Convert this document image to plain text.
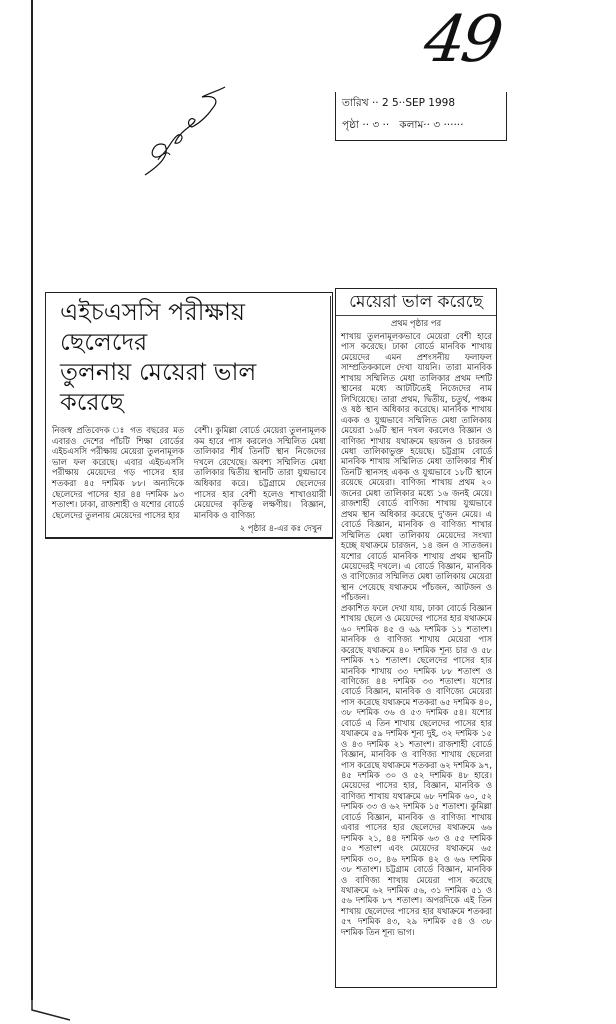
49
তারিখ ·· 2 5··SEP 1998
পৃষ্ঠা ·· ৩ ·· কলাম·· ৩ ······
এইচএসসি পরীক্ষায় ছেলেদের
তুলনায় মেয়েরা ভাল করেছে
নিজস্ব প্রতিবেদক ঃ গত বছরের মত এবারও দেশের পাঁচটি শিক্ষা বোর্ডের এইচএসসি পরীক্ষায় মেয়েরা তুলনামূলক ভাল ফল করেছে। এবার এইচএসসি পরীক্ষায় মেয়েদের গড় পাসের হার শতকরা ৪৫ দশমিক ৮৮। অন্যদিকে ছেলেদের পাসের হার ৪৪ দশমিক ৯৩ শতাংশ। ঢাকা, রাজশাহী ও যশোর বোর্ডে ছেলেদের তুলনায় মেয়েদের পাসের হার
বেশী। কুমিল্লা বোর্ডে মেয়েরা তুলনামূলক কম হারে পাস করলেও সম্মিলিত মেধা তালিকার শীর্ষ তিনটি স্থান নিজেদের দখলে রেখেছে। অবশ্য সম্মিলিত মেধা তালিকার দ্বিতীয় স্থানটি তারা যুগ্মভাবে অধিকার করে। চট্টগ্রামে ছেলেদের পাসের হার বেশী হলেও শাখাওয়ারী মেয়েদের কৃতিত্ব লক্ষণীয়। বিজ্ঞান, মানবিক ও বাণিজ্য
২ পৃষ্ঠার ৪-এর কঃ দেখুন
মেয়েরা ভাল করেছে
প্রথম পৃষ্ঠার পর

শাখায় তুলনামূলকভাবে মেয়েরা বেশী হারে পাস করেছে। ঢাকা বোর্ডে মানবিক শাখায় মেয়েদের এমন প্রশংসনীয় ফলাফল সাম্প্রতিককালে দেখা যায়নি। তারা মানবিক শাখায় সম্মিলিত মেধা তালিকার প্রথম দশটি স্থানের মধ্যে আটটিতেই নিজেদের নাম লিখিয়েছে। তারা প্রথম, দ্বিতীয়, চতুর্থ, পঞ্চম ও ষষ্ঠ স্থান অধিকার করেছে। মানবিক শাখায় একক ও যুগ্মভাবে সম্মিলিত মেধা তালিকায় মেয়েরা ১৬টি স্থান দখল করলেও বিজ্ঞান ও বাণিজ্য শাখায় যথাক্রমে ছয়জন ও চারজন মেধা তালিকাভুক্ত হয়েছে। চট্টগ্রাম বোর্ডে মানবিক শাখায় সম্মিলিত মেধা তালিকার শীর্ষ তিনটি স্থানসহ একক ও যুগ্মভাবে ১৮টি স্থানে রয়েছে মেয়েরা। বাণিজ্য শাখায় প্রথম ২০ জনের মেধা তালিকার মধ্যে ১৬ জনই মেয়ে। রাজশাহী বোর্ডে বাণিজ্য শাখায় যুগ্মভাবে প্রথম স্থান অধিকার করেছে দু'জন মেয়ে। এ বোর্ডে বিজ্ঞান, মানবিক ও বাণিজ্য শাখার সম্মিলিত মেধা তালিকায় মেয়েদের সংখ্যা হচ্ছে যথাক্রমে চারজন, ১৪ জন ও সাতজন। যশোর বোর্ডে মানবিক শাখায় প্রথম স্থানটি মেয়েদেরই দখলে। এ বোর্ডে বিজ্ঞান, মানবিক ও বাণিজ্যের সম্মিলিত মেধা তালিকায় মেয়েরা স্থান পেয়েছে যথাক্রমে পাঁচজন, আটজন ও পাঁচজন।

প্রকাশিত ফলে দেখা যায়, ঢাকা বোর্ডে বিজ্ঞান শাখায় ছেলে ও মেয়েদের পাসের হার যথাক্রমে ৬০ দশমিক ৪৫ ও ৬৯ দশমিক ১১ শতাংশ। মানবিক ও বাণিজ্য শাখায় মেয়েরা পাস করেছে যথাক্রমে ৪০ দশমিক শূন্য চার ও ৫৮ দশমিক ৭১ শতাংশ। ছেলেদের পাসের হার মানবিক শাখায় ৩৩ দশমিক ৮৮ শতাংশ ও বাণিজ্যে ৪৪ দশমিক ৩৩ শতাংশ। যশোর বোর্ডে বিজ্ঞান, মানবিক ও বাণিজ্যে মেয়েরা পাস করেছে যথাক্রমে শতকরা ৬৫ দশমিক ৪০, ৩৮ দশমিক ৩৬ ও ৫৩ দশমিক ৫৪। যশোর বোর্ডে এ তিন শাখায় ছেলেদের পাসের হার যথাক্রমে ৫৯ দশমিক শূন্য দুই, ৩২ দশমিক ১৫ ও ৪৩ দশমিক ২১ শতাংশ। রাজশাহী বোর্ডে বিজ্ঞান, মানবিক ও বাণিজ্য শাখায় ছেলেরা পাস করেছে যথাক্রমে শতকরা ৬২ দশমিক ৯৭, ৪৫ দশমিক ৩০ ও ৫২ দশমিক ৪৮ হারে। মেয়েদের পাসের হার, বিজ্ঞান, মানবিক ও বাণিজ্য শাখায় যথাক্রমে ৬৮ দশমিক ৬০, ৫২ দশমিক ৩৩ ও ৬২ দশমিক ১৫ শতাংশ। কুমিল্লা বোর্ডে বিজ্ঞান, মানবিক ও বাণিজ্য শাখায় এবার পাসের হার ছেলেদের যথাক্রমে ৬৬ দশমিক ২১, ৪৪ দশমিক ৬৩ ও ৫৫ দশমিক ৫০ শতাংশ এবং মেয়েদের যথাক্রমে ৬৫ দশমিক ৩০, ৪৬ দশমিক ৪২ ও ৬৬ দশমিক ৩৮ শতাংশ। চট্টগ্রাম বোর্ডে বিজ্ঞান, মানবিক ও বাণিজ্য শাখায় মেয়েরা পাস করেছে যথাক্রমে ৬২ দশমিক ৫৬, ৩১ দশমিক ৫১ ও ৫৬ দশমিক ৮৭ শতাংশ। অপরদিকে এই তিন শাখায় ছেলেদের পাসের হার যথাক্রমে শতকরা ৫৭ দশমিক ৪৩, ২৯ দশমিক ৫৪ ও ৩৮ দশমিক তিন শূন্য ভাগ।
